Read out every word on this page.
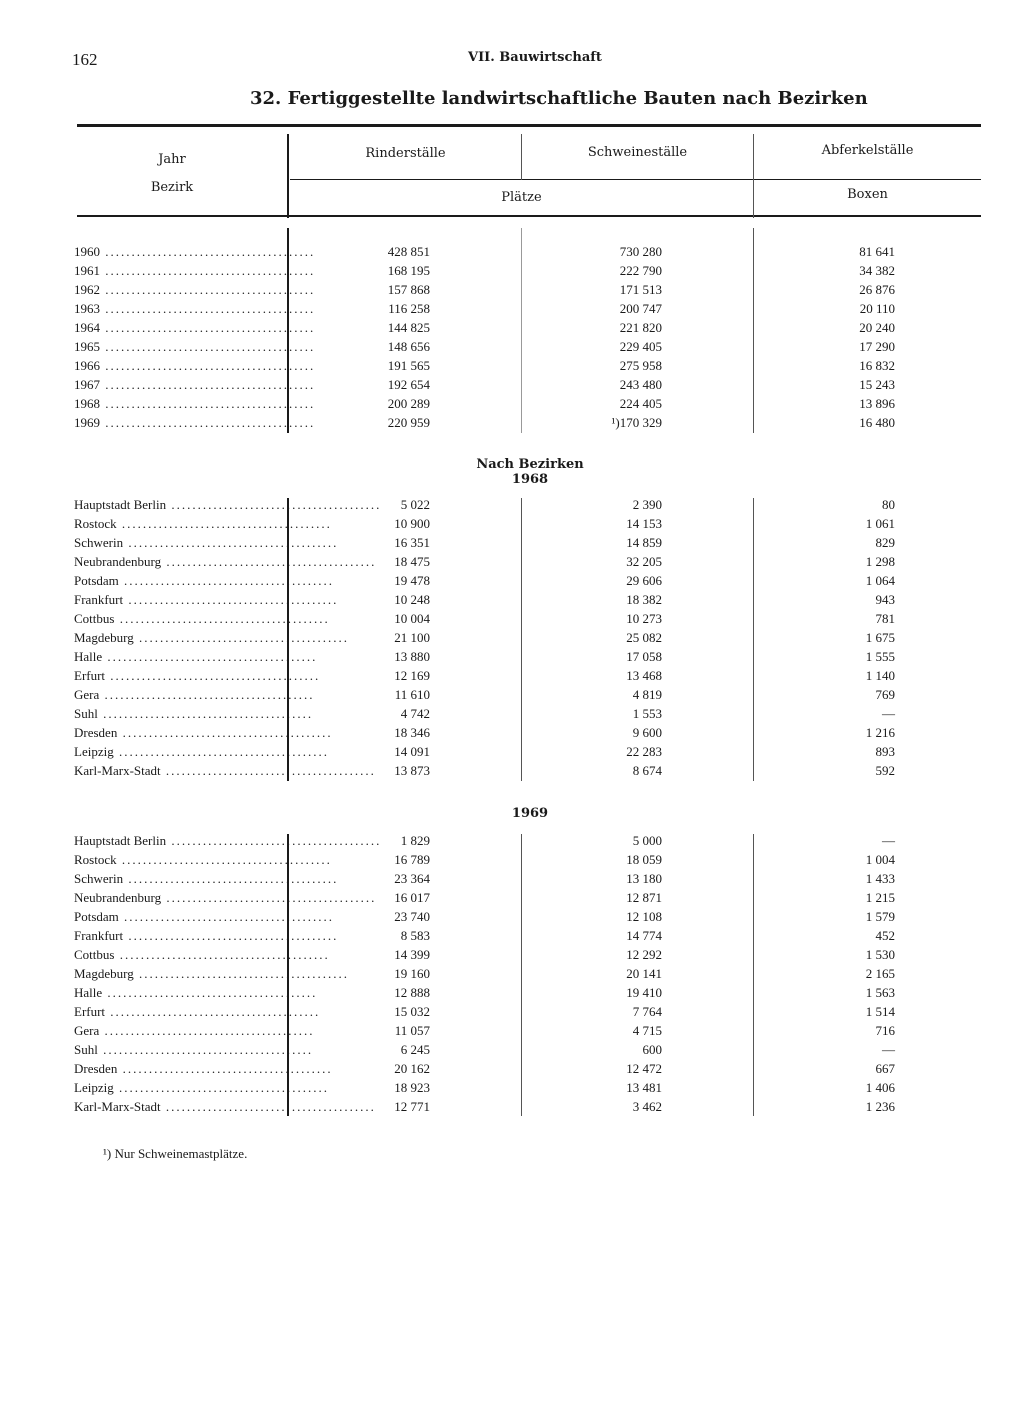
162	VII. Bauwirtschaft
32. Fertiggestellte landwirtschaftliche Bauten nach Bezirken
Jahr
Bezirk
Rinderställe	Schweineställe	Abferkelställe
Plätze	Boxen
1960 ........................................	428 851	730 280	81 641
1961 ........................................	168 195	222 790	34 382
1962 ........................................	157 868	171 513	26 876
1963 ........................................	116 258	200 747	20 110
1964 ........................................	144 825	221 820	20 240
1965 ........................................	148 656	229 405	17 290
1966 ........................................	191 565	275 958	16 832
1967 ........................................	192 654	243 480	15 243
1968 ........................................	200 289	224 405	13 896
1969 ........................................	220 959	¹)170 329	16 480
Nach Bezirken
1968
Hauptstadt Berlin ........................................ 5 022	2 390	80
Rostock ........................................	10 900	14 153	1 061
Schwerin ........................................	16 351	14 859	829
Neubrandenburg ........................................ 18 475	32 205	1 298
Potsdam ........................................	19 478	29 606	1 064
Frankfurt ........................................	10 248	18 382	943
Cottbus ........................................	10 004	10 273	781
Magdeburg ........................................	21 100	25 082	1 675
Halle ........................................	13 880	17 058	1 555
Erfurt ........................................	12 169	13 468	1 140
Gera ........................................	11 610	4 819	769
Suhl ........................................	4 742	1 553	—
Dresden ........................................	18 346	9 600	1 216
Leipzig ........................................	14 091	22 283	893
Karl-Marx-Stadt ........................................ 13 873	8 674	592
1969
Hauptstadt Berlin ........................................ 1 829	5 000	—
Rostock ........................................	16 789	18 059	1 004
Schwerin ........................................	23 364	13 180	1 433
Neubrandenburg ........................................ 16 017	12 871	1 215
Potsdam ........................................	23 740	12 108	1 579
Frankfurt ........................................	8 583	14 774	452
Cottbus ........................................	14 399	12 292	1 530
Magdeburg ........................................	19 160	20 141	2 165
Halle ........................................	12 888	19 410	1 563
Erfurt ........................................	15 032	7 764	1 514
Gera ........................................	11 057	4 715	716
Suhl ........................................	6 245	600	—
Dresden ........................................	20 162	12 472	667
Leipzig ........................................	18 923	13 481	1 406
Karl-Marx-Stadt ........................................ 12 771	3 462	1 236
¹) Nur Schweinemastplätze.
